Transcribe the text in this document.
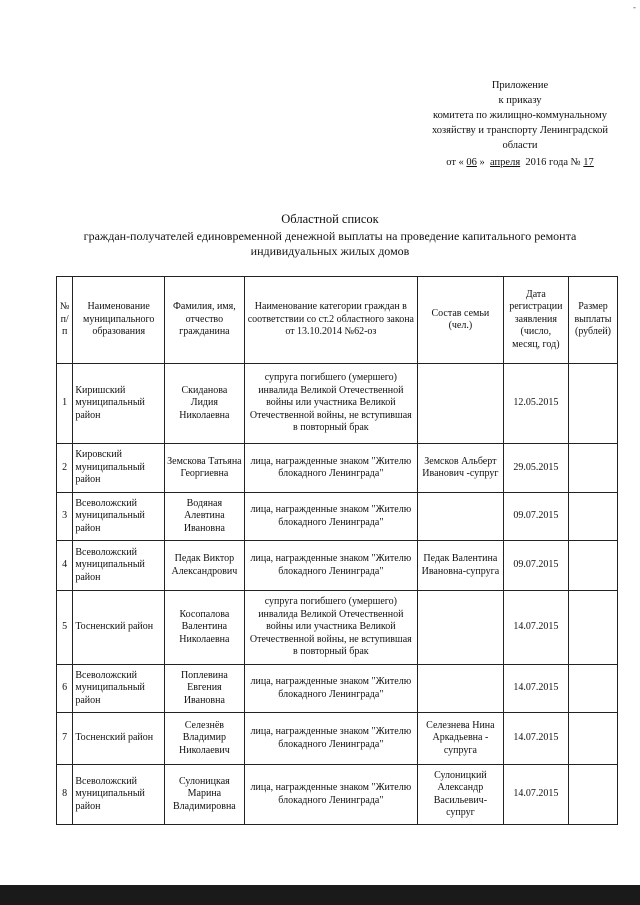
-
Приложение
к приказу
комитета по жилищно-коммунальному
хозяйству и транспорту Ленинградской
области
от « 06 » апреля 2016 года № 17
Областной список
граждан-получателей единовременной денежной выплаты на проведение капитального ремонта
индивидуальных жилых домов
№ п/п	Наименование муниципального образования	Фамилия, имя, отчество гражданина	Наименование категории граждан в соответствии со ст.2 областного закона от 13.10.2014 №62-оз	Состав семьи (чел.)	Дата регистрации заявления (число, месяц, год)	Размер выплаты (рублей)
1	Киришский муниципальный район	Скиданова Лидия Николаевна	супруга погибшего (умершего) инвалида Великой Отечественной войны или участника Великой Отечественной войны, не вступившая в повторный брак		12.05.2015	
2	Кировский муниципальный район	Земскова Татьяна Георгиевна	лица, награжденные знаком "Жителю блокадного Ленинграда"	Земсков Альберт Иванович -супруг	29.05.2015	
3	Всеволожский муниципальный район	Водяная Алевтина Ивановна	лица, награжденные знаком "Жителю блокадного Ленинграда"		09.07.2015	
4	Всеволожский муниципальный район	Педак Виктор Александрович	лица, награжденные знаком "Жителю блокадного Ленинграда"	Педак Валентина Ивановна-супруга	09.07.2015	
5	Тосненский район	Косопалова Валентина Николаевна	супруга погибшего (умершего) инвалида Великой Отечественной войны или участника Великой Отечественной войны, не вступившая в повторный брак		14.07.2015	
6	Всеволожский муниципальный район	Поплевина Евгения Ивановна	лица, награжденные знаком "Жителю блокадного Ленинграда"		14.07.2015	
7	Тосненский район	Селезнёв Владимир Николаевич	лица, награжденные знаком "Жителю блокадного Ленинграда"	Селезнева Нина Аркадьевна - супруга	14.07.2015	
8	Всеволожский муниципальный район	Сулоницкая Марина Владимировна	лица, награжденные знаком "Жителю блокадного Ленинграда"	Сулоницкий Александр Васильевич-супруг	14.07.2015	
